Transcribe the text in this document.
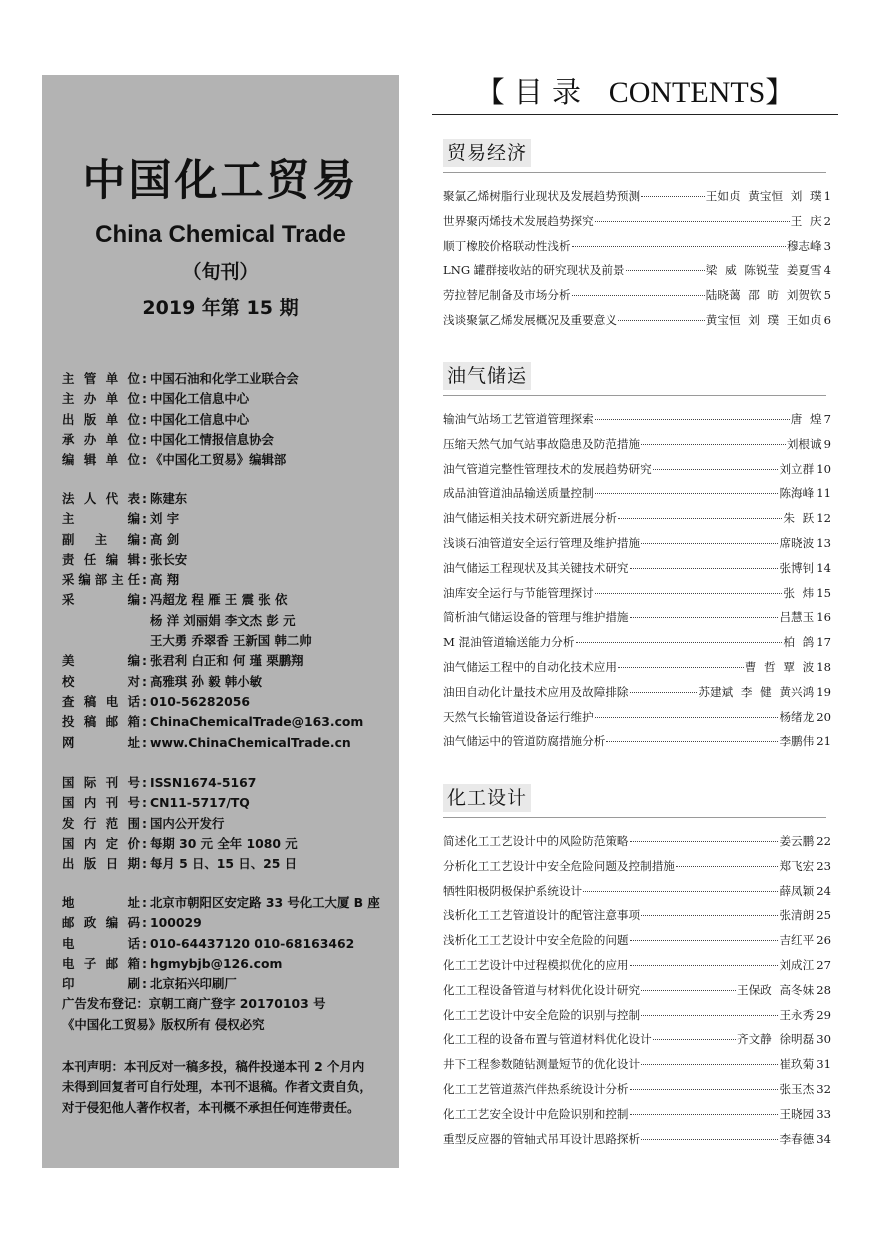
中国化工贸易
China Chemical Trade
（旬刊）
2019 年第 15 期
主管单位 : 中国石油和化学工业联合会
主办单位 : 中国化工信息中心
出版单位 : 中国化工信息中心
承办单位 : 中国化工情报信息协会
编辑单位 : 《中国化工贸易》编辑部
法人代表 : 陈建东
主编 : 刘 宇
副主编 : 高 剑
责任编辑 : 张长安
采编部主任 : 高 翔
采编 : 冯超龙 程 雁 王 震 张 依
杨 洋 刘丽娟 李文杰 彭 元
王大勇 乔翠香 王新国 韩二帅
美编 : 张君利 白正和 何 瑾 栗鹏翔
校对 : 高雅琪 孙 毅 韩小敏
查稿电话 : 010-56282056
投稿邮箱 : ChinaChemicalTrade@163.com
网址 : www.ChinaChemicalTrade.cn
国际刊号 : ISSN1674-5167
国内刊号 : CN11-5717/TQ
发行范围 : 国内公开发行
国内定价 : 每期 30 元 全年 1080 元
出版日期 : 每月 5 日、15 日、25 日
地址 : 北京市朝阳区安定路 33 号化工大厦 B 座
邮政编码 : 100029
电话 : 010-64437120 010-68163462
电子邮箱 : hgmybjb@126.com
印刷 : 北京拓兴印刷厂
广告发布登记：京朝工商广登字 20170103 号
《中国化工贸易》版权所有 侵权必究
本刊声明：本刊反对一稿多投，稿件投递本刊 2 个月内未得到回复者可自行处理，本刊不退稿。作者文责自负，对于侵犯他人著作权者，本刊概不承担任何连带责任。
【 目 录 CONTENTS】
贸易经济
聚氯乙烯树脂行业现状及发展趋势预测	王如贞 黄宝恒 刘 璞 1
世界聚丙烯技术发展趋势探究	王 庆 2
顺丁橡胶价格联动性浅析	穆志峰 3
LNG 罐群接收站的研究现状及前景	梁 威 陈锐莹 姜夏雪 4
劳拉替尼制备及市场分析	陆晓蔼 邵 昉 刘贺钦 5
浅谈聚氯乙烯发展概况及重要意义	黄宝恒 刘 璞 王如贞 6
油气储运
输油气站场工艺管道管理探索	唐 煌 7
压缩天然气加气站事故隐患及防范措施	刘根诚 9
油气管道完整性管理技术的发展趋势研究	刘立群 10
成品油管道油品输送质量控制	陈海峰 11
油气储运相关技术研究新进展分析	朱 跃 12
浅谈石油管道安全运行管理及维护措施	席晓波 13
油气储运工程现状及其关键技术研究	张博钊 14
油库安全运行与节能管理探讨	张 炜 15
简析油气储运设备的管理与维护措施	吕慧玉 16
M 混油管道输送能力分析	柏 鸽 17
油气储运工程中的自动化技术应用	曹 哲 覃 波 18
油田自动化计量技术应用及故障排除	苏建斌 李 健 黄兴鸿 19
天然气长输管道设备运行维护	杨绪龙 20
油气储运中的管道防腐措施分析	李鹏伟 21
化工设计
简述化工工艺设计中的风险防范策略	姜云鹏 22
分析化工工艺设计中安全危险问题及控制措施	郑飞宏 23
牺牲阳极阴极保护系统设计	薛凤颖 24
浅析化工工艺管道设计的配管注意事项	张清朗 25
浅析化工工艺设计中安全危险的问题	吉红平 26
化工工艺设计中过程模拟优化的应用	刘成江 27
化工工程设备管道与材料优化设计研究	王保政 高冬妹 28
化工工艺设计中安全危险的识别与控制	王永秀 29
化工工程的设备布置与管道材料优化设计	齐文静 徐明磊 30
井下工程参数随钻测量短节的优化设计	崔玖菊 31
化工工艺管道蒸汽伴热系统设计分析	张玉杰 32
化工工艺安全设计中危险识别和控制	王晓园 33
重型反应器的管轴式吊耳设计思路探析	李春德 34
